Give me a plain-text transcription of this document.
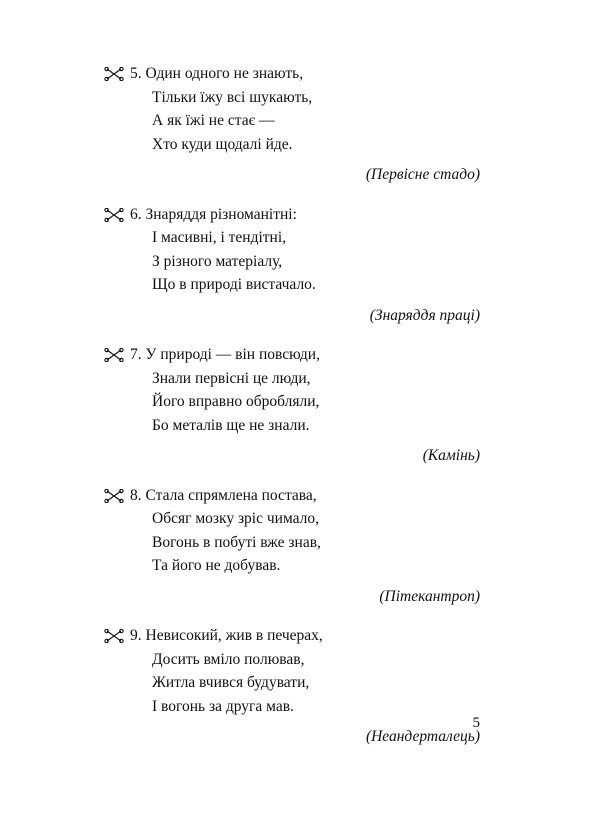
5. Один одного не знають,
Тільки їжу всі шукають,
А як їжі не стає —
Хто куди щодалі йде.
(Первісне стадо)
6. Знаряддя різноманітні:
І масивні, і тендітні,
З різного матеріалу,
Що в природі вистачало.
(Знаряддя праці)
7. У природі — він повсюди,
Знали первісні це люди,
Його вправно обробляли,
Бо металів ще не знали.
(Камінь)
8. Стала спрямлена постава,
Обсяг мозку зріс чимало,
Вогонь в побуті вже знав,
Та його не добував.
(Пітекантроп)
9. Невисокий, жив в печерах,
Досить вміло полював,
Житла вчився будувати,
І вогонь за друга мав.
(Неандерталець)
5
